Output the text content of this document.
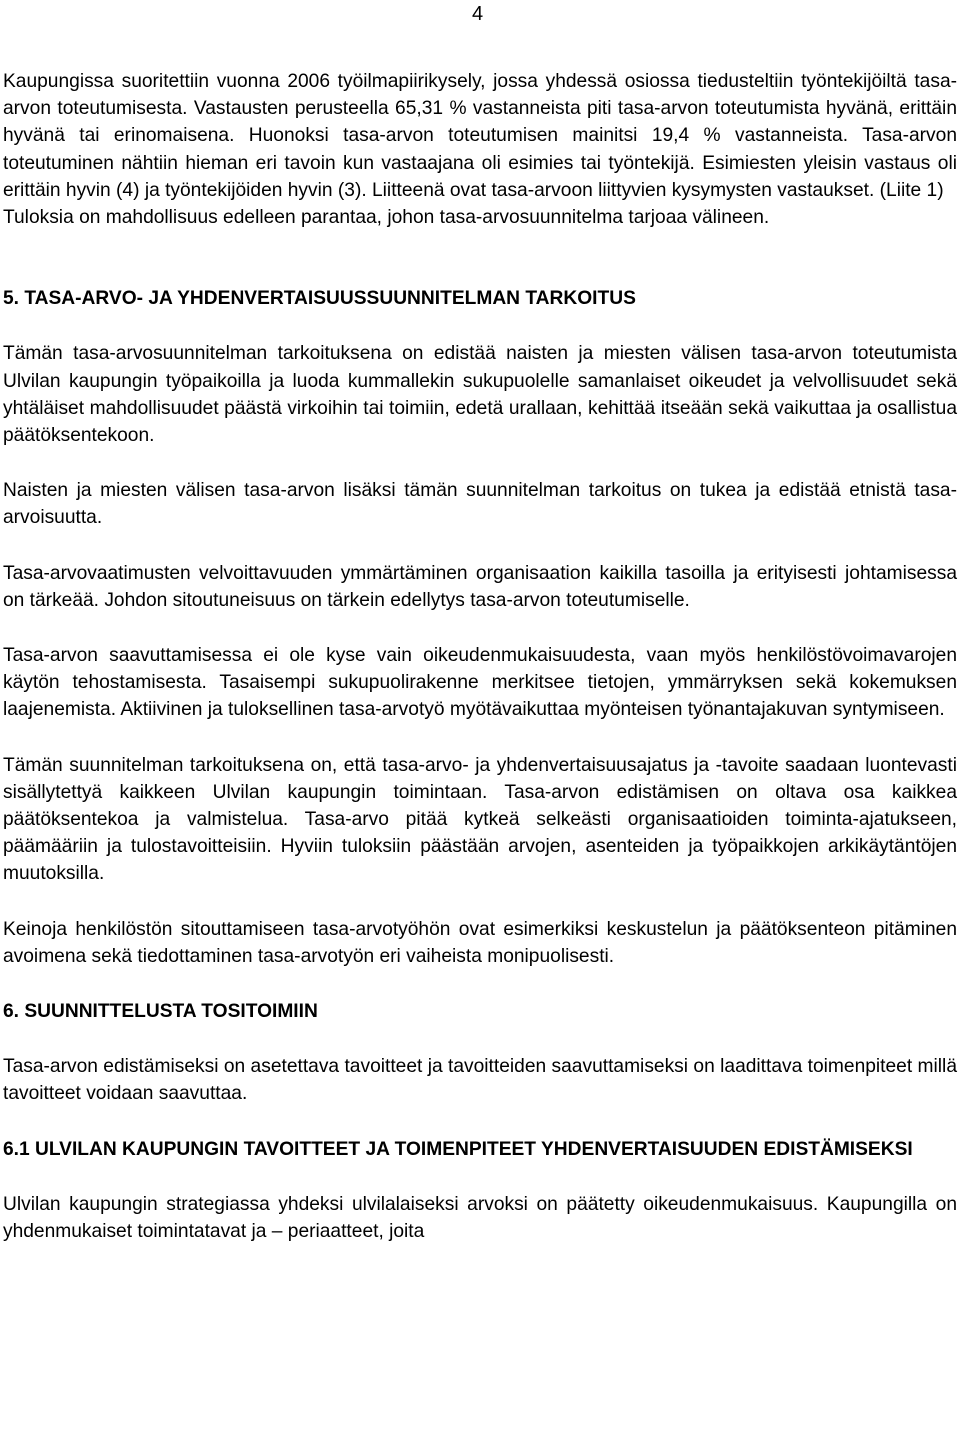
4

Kaupungissa suoritettiin vuonna 2006 työilmapiirikysely, jossa yhdessä osiossa tiedusteltiin työntekijöiltä tasa-arvon toteutumisesta. Vastausten perusteella 65,31 % vastanneista piti tasa-arvon toteutumista hyvänä, erittäin hyvänä tai erinomaisena. Huonoksi tasa-arvon toteutumisen mainitsi 19,4 % vastanneista. Tasa-arvon toteutuminen nähtiin hieman eri tavoin kun vastaajana oli esimies tai työntekijä. Esimiesten yleisin vastaus oli erittäin hyvin (4) ja työntekijöiden hyvin (3). Liitteenä ovat tasa-arvoon liittyvien kysymysten vastaukset. (Liite 1)

Tuloksia on mahdollisuus edelleen parantaa, johon tasa-arvosuunnitelma tarjoaa välineen.

5. TASA-ARVO- JA YHDENVERTAISUUSSUUNNITELMAN TARKOITUS

Tämän tasa-arvosuunnitelman tarkoituksena on edistää naisten ja miesten välisen tasa-arvon toteutumista Ulvilan kaupungin työpaikoilla ja luoda kummallekin sukupuolelle samanlaiset oikeudet ja velvollisuudet sekä yhtäläiset mahdollisuudet päästä virkoihin tai toimiin, edetä urallaan, kehittää itseään sekä vaikuttaa ja osallistua päätöksentekoon.

Naisten ja miesten välisen tasa-arvon lisäksi tämän suunnitelman tarkoitus on tukea ja edistää etnistä tasa-arvoisuutta.

Tasa-arvovaatimusten velvoittavuuden ymmärtäminen organisaation kaikilla tasoilla ja erityisesti johtamisessa on tärkeää. Johdon sitoutuneisuus on tärkein edellytys tasa-arvon toteutumiselle.

Tasa-arvon saavuttamisessa ei ole kyse vain oikeudenmukaisuudesta, vaan myös henkilöstövoimavarojen käytön tehostamisesta. Tasaisempi sukupuolirakenne merkitsee tietojen, ymmärryksen sekä kokemuksen laajenemista. Aktiivinen ja tuloksellinen tasa-arvotyö myötävaikuttaa myönteisen työnantajakuvan syntymiseen.

Tämän suunnitelman tarkoituksena on, että tasa-arvo- ja yhdenvertaisuusajatus ja -tavoite saadaan luontevasti sisällytettyä kaikkeen Ulvilan kaupungin toimintaan. Tasa-arvon edistämisen on oltava osa kaikkea päätöksentekoa ja valmistelua. Tasa-arvo pitää kytkeä selkeästi organisaatioiden toiminta-ajatukseen, päämääriin ja tulostavoitteisiin. Hyviin tuloksiin päästään arvojen, asenteiden ja työpaikkojen arkikäytäntöjen muutoksilla.

Keinoja henkilöstön sitouttamiseen tasa-arvotyöhön ovat esimerkiksi keskustelun ja päätöksenteon pitäminen avoimena sekä tiedottaminen tasa-arvotyön eri vaiheista monipuolisesti.

6. SUUNNITTELUSTA TOSITOIMIIN

Tasa-arvon edistämiseksi on asetettava tavoitteet ja tavoitteiden saavuttamiseksi on laadittava toimenpiteet millä tavoitteet voidaan saavuttaa.

6.1 ULVILAN KAUPUNGIN TAVOITTEET JA TOIMENPITEET YHDENVERTAISUUDEN EDISTÄMISEKSI

Ulvilan kaupungin strategiassa yhdeksi ulvilalaiseksi arvoksi on päätetty oikeudenmukaisuus. Kaupungilla on yhdenmukaiset toimintatavat ja – periaatteet, joita
